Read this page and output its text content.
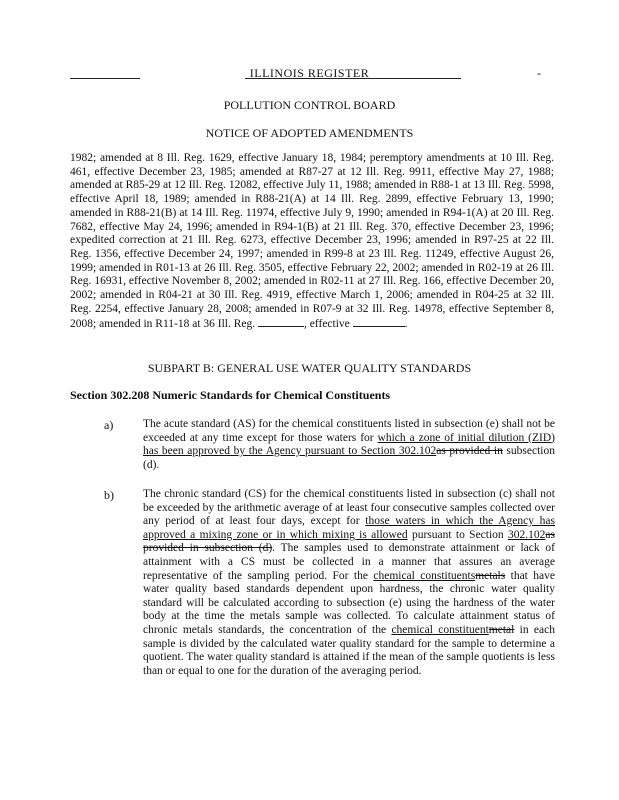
ILLINOIS REGISTER	-
POLLUTION CONTROL BOARD
NOTICE OF ADOPTED AMENDMENTS

1982; amended at 8 Ill. Reg. 1629, effective January 18, 1984; peremptory amendments at 10 Ill. Reg. 461, effective December 23, 1985; amended at R87-27 at 12 Ill. Reg. 9911, effective May 27, 1988; amended at R85-29 at 12 Ill. Reg. 12082, effective July 11, 1988; amended in R88-1 at 13 Ill. Reg. 5998, effective April 18, 1989; amended in R88-21(A) at 14 Ill. Reg. 2899, effective February 13, 1990; amended in R88-21(B) at 14 Ill. Reg. 11974, effective July 9, 1990; amended in R94-1(A) at 20 Ill. Reg. 7682, effective May 24, 1996; amended in R94-1(B) at 21 Ill. Reg. 370, effective December 23, 1996; expedited correction at 21 Ill. Reg. 6273, effective December 23, 1996; amended in R97-25 at 22 Ill. Reg. 1356, effective December 24, 1997; amended in R99-8 at 23 Ill. Reg. 11249, effective August 26, 1999; amended in R01-13 at 26 Ill. Reg. 3505, effective February 22, 2002; amended in R02-19 at 26 Ill. Reg. 16931, effective November 8, 2002; amended in R02-11 at 27 Ill. Reg. 166, effective December 20, 2002; amended in R04-21 at 30 Ill. Reg. 4919, effective March 1, 2006; amended in R04-25 at 32 Ill. Reg. 2254, effective January 28, 2008; amended in R07-9 at 32 Ill. Reg. 14978, effective September 8, 2008; amended in R11-18 at 36 Ill. Reg.	, effective	.

SUBPART B: GENERAL USE WATER QUALITY STANDARDS

Section 302.208 Numeric Standards for Chemical Constituents

a)	The acute standard (AS) for the chemical constituents listed in subsection (e) shall not be exceeded at any time except for those waters for which a zone of initial dilution (ZID) has been approved by the Agency pursuant to Section 302.102as provided in subsection (d).

b)	The chronic standard (CS) for the chemical constituents listed in subsection (c) shall not be exceeded by the arithmetic average of at least four consecutive samples collected over any period of at least four days, except for those waters in which the Agency has approved a mixing zone or in which mixing is allowed pursuant to Section 302.102as provided in subsection (d). The samples used to demonstrate attainment or lack of attainment with a CS must be collected in a manner that assures an average representative of the sampling period. For the chemical constituentsmetals that have water quality based standards dependent upon hardness, the chronic water quality standard will be calculated according to subsection (e) using the hardness of the water body at the time the metals sample was collected. To calculate attainment status of chronic metals standards, the concentration of the chemical constituentmetal in each sample is divided by the calculated water quality standard for the sample to determine a quotient. The water quality standard is attained if the mean of the sample quotients is less than or equal to one for the duration of the averaging period.
